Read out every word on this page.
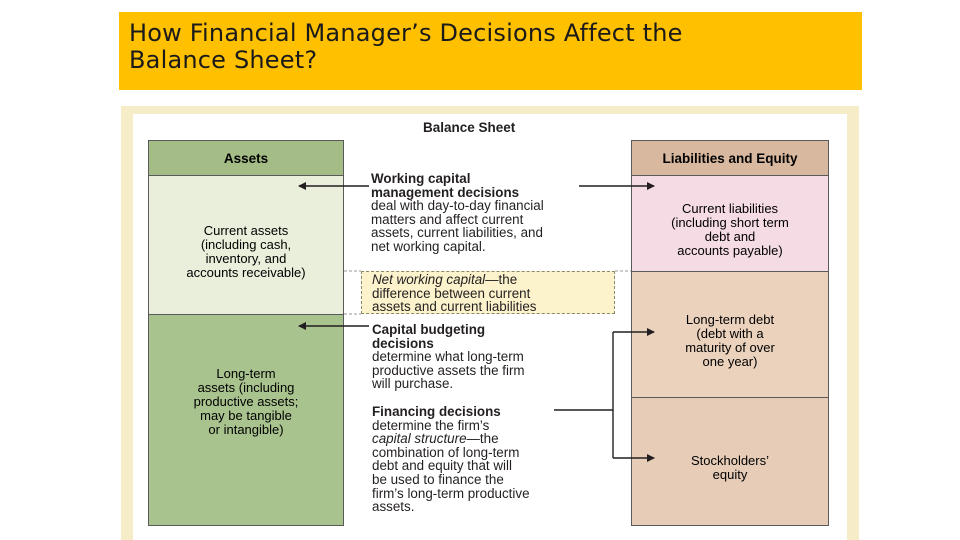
How Financial Manager’s Decisions Affect the
Balance Sheet?
Balance Sheet
Assets
Current assets
(including cash,
inventory, and
accounts receivable)
Long-term
assets (including
productive assets;
may be tangible
or intangible)
Liabilities and Equity
Current liabilities
(including short term
debt and
accounts payable)
Long-term debt
(debt with a
maturity of over
one year)
Stockholders’
equity
Working capital
management decisions
deal with day-to-day financial
matters and affect current
assets, current liabilities, and
net working capital.
Net working capital—the
difference between current
assets and current liabilities
Capital budgeting
decisions
determine what long-term
productive assets the firm
will purchase.
Financing decisions
determine the firm’s
capital structure—the
combination of long-term
debt and equity that will
be used to finance the
firm’s long-term productive
assets.
